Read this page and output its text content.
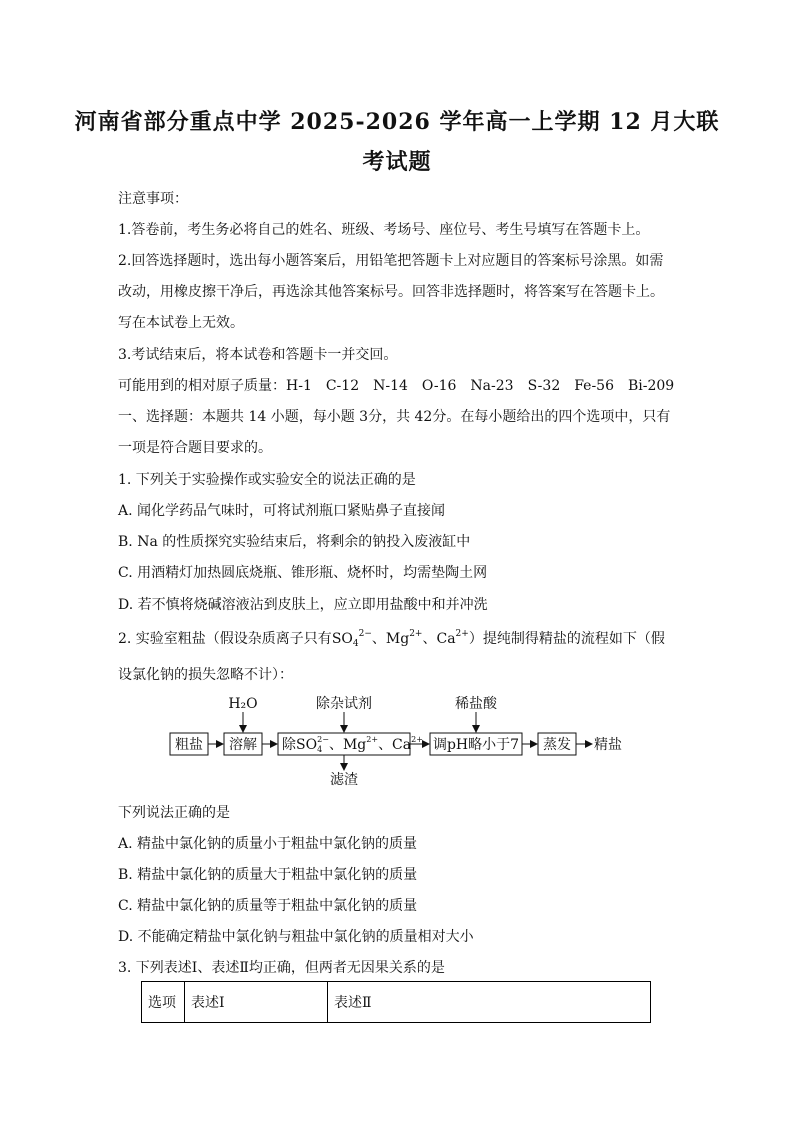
河南省部分重点中学 2025-2026 学年高一上学期 12 月大联
考试题
注意事项：
1.答卷前，考生务必将自己的姓名、班级、考场号、座位号、考生号填写在答题卡上。
2.回答选择题时，选出每小题答案后，用铅笔把答题卡上对应题目的答案标号涂黑。如需
改动，用橡皮擦干净后，再选涂其他答案标号。回答非选择题时，将答案写在答题卡上。
写在本试卷上无效。
3.考试结束后，将本试卷和答题卡一并交回。
可能用到的相对原子质量：H-1　C-12　N-14　O-16　Na-23　S-32　Fe-56　Bi-209
一、选择题：本题共 14 小题，每小题 3分，共 42分。在每小题给出的四个选项中，只有
一项是符合题目要求的。
1. 下列关于实验操作或实验安全的说法正确的是
A. 闻化学药品气味时，可将试剂瓶口紧贴鼻子直接闻
B. Na 的性质探究实验结束后，将剩余的钠投入废液缸中
C. 用酒精灯加热圆底烧瓶、锥形瓶、烧杯时，均需垫陶土网
D. 若不慎将烧碱溶液沾到皮肤上，应立即用盐酸中和并冲洗
2. 实验室粗盐（假设杂质离子只有$SO_4^{2-}$、$Mg^{2+}$、$Ca^{2+}$）提纯制得精盐的流程如下（假
设氯化钠的损失忽略不计）：
粗盐 溶解 除$SO_42-$、$Mg^{2+}$、$Ca^{2+}$ 调pH略小于7 蒸发 精盐
H₂O	除杂试剂	稀盐酸
滤渣
下列说法正确的是
A. 精盐中氯化钠的质量小于粗盐中氯化钠的质量
B. 精盐中氯化钠的质量大于粗盐中氯化钠的质量
C. 精盐中氯化钠的质量等于粗盐中氯化钠的质量
D. 不能确定精盐中氯化钠与粗盐中氯化钠的质量相对大小
3. 下列表述Ⅰ、表述Ⅱ均正确，但两者无因果关系的是
选项	表述Ⅰ	表述Ⅱ
